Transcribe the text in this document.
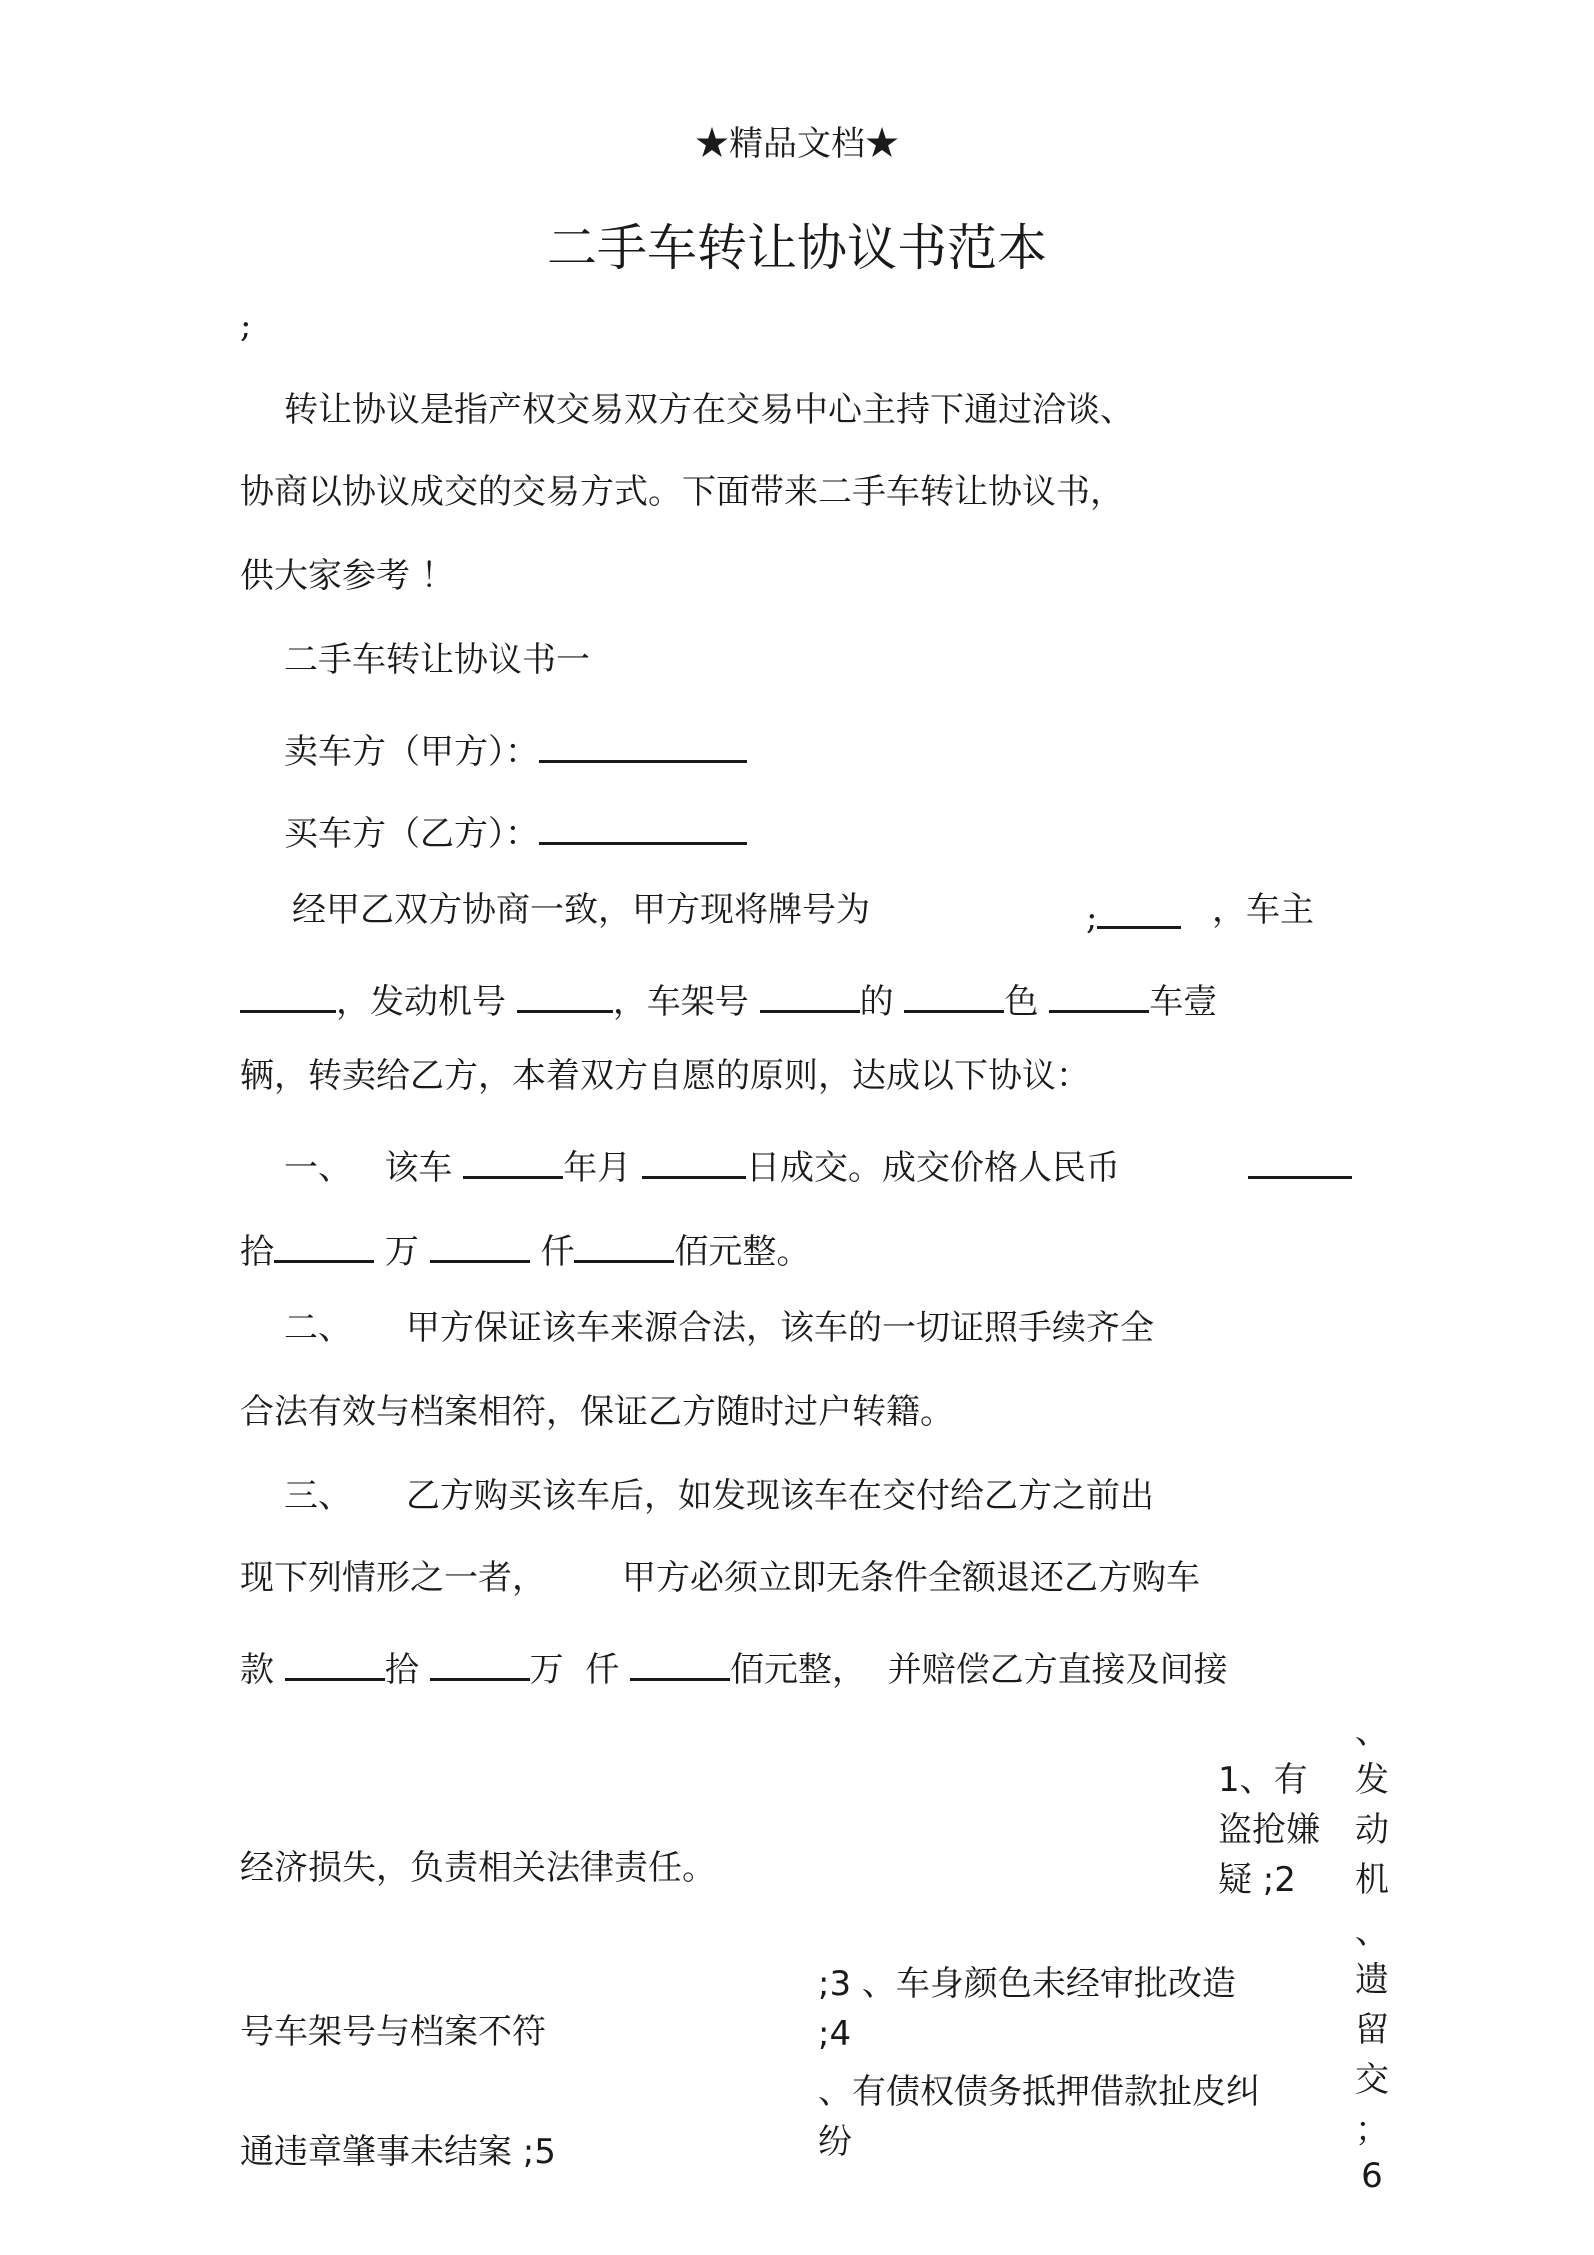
★精品文档★
二手车转让协议书范本
;
转让协议是指产权交易双方在交易中心主持下通过洽谈、
协商以协议成交的交易方式。下面带来二手车转让协议书，
供大家参考 ！
二手车转让协议书一
卖车方（甲方）：
买车方（乙方）：
经甲乙双方协商一致，甲方现将牌号为	;	，车主
，发动机号	，车架号	的	色	车壹
辆，转卖给乙方，本着双方自愿的原则，达成以下协议：
一、 该车	年月	日成交。成交价格人民币
拾	万	仟	佰元整。
二、 甲方保证该车来源合法，该车的一切证照手续齐全
合法有效与档案相符，保证乙方随时过户转籍。
三、 乙方购买该车后，如发现该车在交付给乙方之前出
现下列情形之一者， 甲方必须立即无条件全额退还乙方购车
款	拾	万 仟	佰元整， 并赔偿乙方直接及间接
经济损失，负责相关法律责任。
号车架号与档案不符
通违章肇事未结案 ;5
1、有
盗抢嫌
疑 ;2
;3 、车身颜色未经审批改造
;4
、有债权债务抵押借款扯皮纠
纷
、
发
动
机
、
遗
留
交
；
6
